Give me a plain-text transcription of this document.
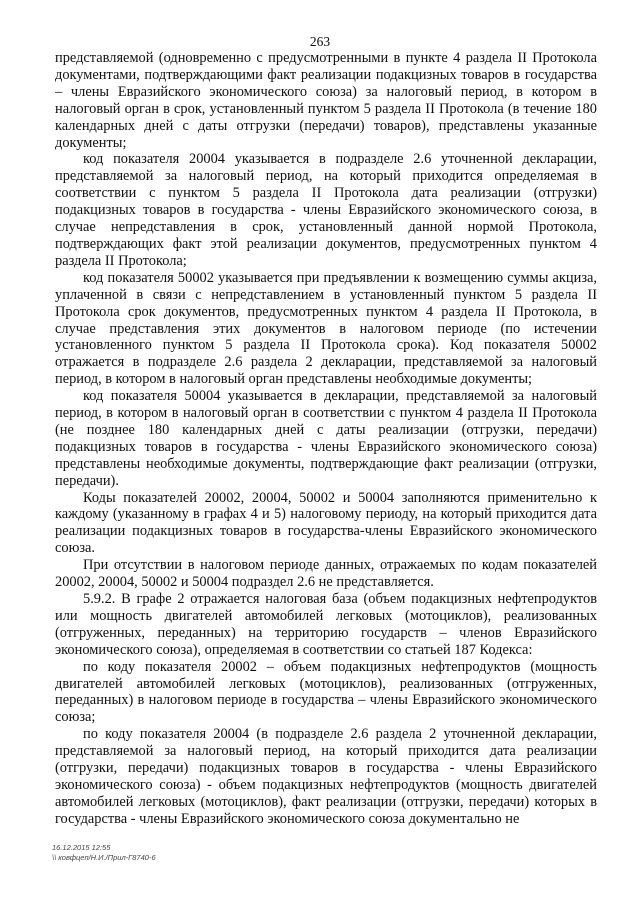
263

представляемой (одновременно с предусмотренными в пункте 4 раздела II Протокола документами, подтверждающими факт реализации подакцизных товаров в государства – члены Евразийского экономического союза) за налоговый период, в котором в налоговый орган в срок, установленный пунктом 5 раздела II Протокола (в течение 180 календарных дней с даты отгрузки (передачи) товаров), представлены указанные документы;

код показателя 20004 указывается в подразделе 2.6 уточненной декларации, представляемой за налоговый период, на который приходится определяемая в соответствии с пунктом 5 раздела II Протокола дата реализации (отгрузки) подакцизных товаров в государства - члены Евразийского экономического союза, в случае непредставления в срок, установленный данной нормой Протокола, подтверждающих факт этой реализации документов, предусмотренных пунктом 4 раздела II Протокола;

код показателя 50002 указывается при предъявлении к возмещению суммы акциза, уплаченной в связи с непредставлением в установленный пунктом 5 раздела II Протокола срок документов, предусмотренных пунктом 4 раздела II Протокола, в случае представления этих документов в налоговом периоде (по истечении установленного пунктом 5 раздела II Протокола срока). Код показателя 50002 отражается в подразделе 2.6 раздела 2 декларации, представляемой за налоговый период, в котором в налоговый орган представлены необходимые документы;

код показателя 50004 указывается в декларации, представляемой за налоговый период, в котором в налоговый орган в соответствии с пунктом 4 раздела II Протокола (не позднее 180 календарных дней с даты реализации (отгрузки, передачи) подакцизных товаров в государства - члены Евразийского экономического союза) представлены необходимые документы, подтверждающие факт реализации (отгрузки, передачи).

Коды показателей 20002, 20004, 50002 и 50004 заполняются применительно к каждому (указанному в графах 4 и 5) налоговому периоду, на который приходится дата реализации подакцизных товаров в государства-члены Евразийского экономического союза.

При отсутствии в налоговом периоде данных, отражаемых по кодам показателей 20002, 20004, 50002 и 50004 подраздел 2.6 не представляется.

5.9.2. В графе 2 отражается налоговая база (объем подакцизных нефтепродуктов или мощность двигателей автомобилей легковых (мотоциклов), реализованных (отгруженных, переданных) на территорию государств – членов Евразийского экономического союза), определяемая в соответствии со статьей 187 Кодекса:

по коду показателя 20002 – объем подакцизных нефтепродуктов (мощность двигателей автомобилей легковых (мотоциклов), реализованных (отгруженных, переданных) в налоговом периоде в государства – члены Евразийского экономического союза;

по коду показателя 20004 (в подразделе 2.6 раздела 2 уточненной декларации, представляемой за налоговый период, на который приходится дата реализации (отгрузки, передачи) подакцизных товаров в государства - члены Евразийского экономического союза) - объем подакцизных нефтепродуктов (мощность двигателей автомобилей легковых (мотоциклов), факт реализации (отгрузки, передачи) которых в государства - члены Евразийского экономического союза документально не

16.12.2015 12:55
\\ ковфцеп/Н.И./Прил-Г8740-6
